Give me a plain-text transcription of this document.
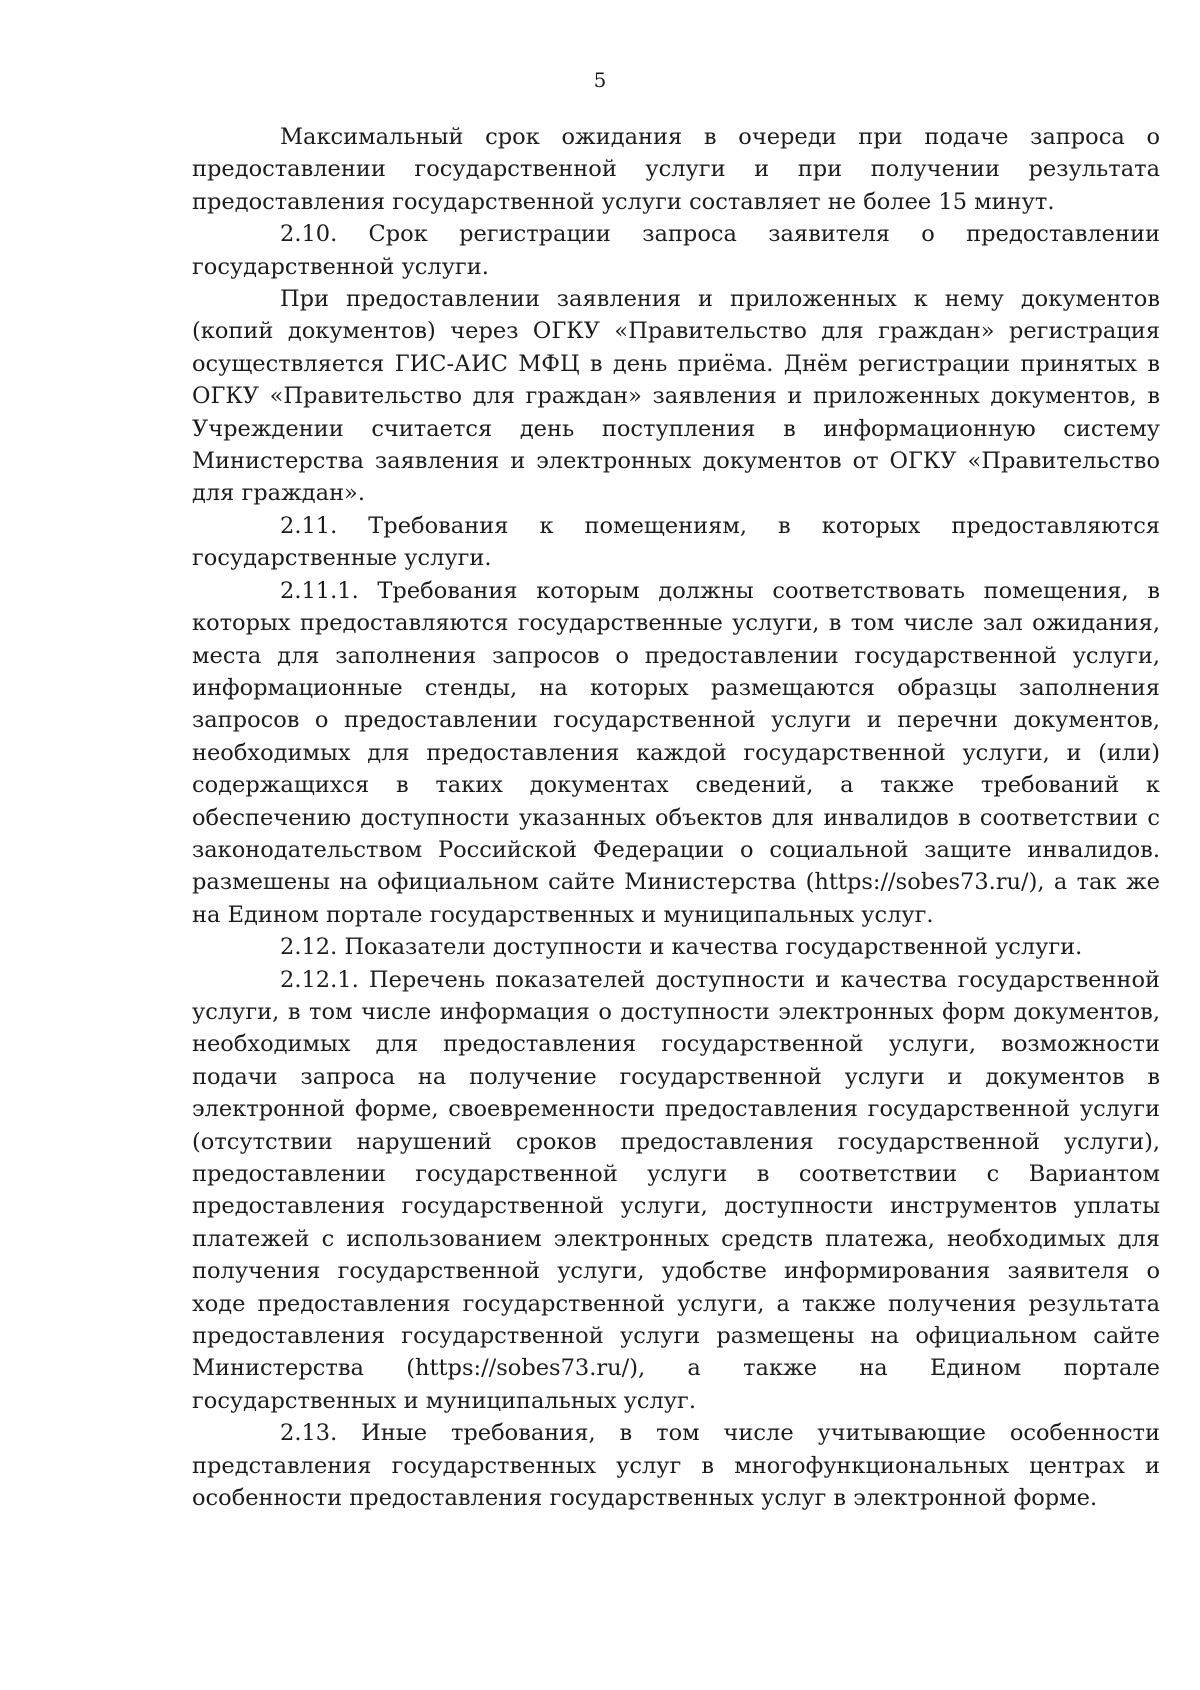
5

Максимальный срок ожидания в очереди при подаче запроса о предоставлении государственной услуги и при получении результата предоставления государственной услуги составляет не более 15 минут.

2.10. Срок регистрации запроса заявителя о предоставлении государственной услуги.

При предоставлении заявления и приложенных к нему документов (копий документов) через ОГКУ «Правительство для граждан» регистрация осуществляется ГИС-АИС МФЦ в день приёма. Днём регистрации принятых в ОГКУ «Правительство для граждан» заявления и приложенных документов, в Учреждении считается день поступления в информационную систему Министерства заявления и электронных документов от ОГКУ «Правительство для граждан».

2.11. Требования к помещениям, в которых предоставляются государственные услуги.

2.11.1. Требования которым должны соответствовать помещения, в которых предоставляются государственные услуги, в том числе зал ожидания, места для заполнения запросов о предоставлении государственной услуги, информационные стенды, на которых размещаются образцы заполнения запросов о предоставлении государственной услуги и перечни документов, необходимых для предоставления каждой государственной услуги, и (или) содержащихся в таких документах сведений, а также требований к обеспечению доступности указанных объектов для инвалидов в соответствии с законодательством Российской Федерации о социальной защите инвалидов. размешены на официальном сайте Министерства (https://sobes73.ru/), а так же на Едином портале государственных и муниципальных услуг.

2.12. Показатели доступности и качества государственной услуги.

2.12.1. Перечень показателей доступности и качества государственной услуги, в том числе информация о доступности электронных форм документов, необходимых для предоставления государственной услуги, возможности подачи запроса на получение государственной услуги и документов в электронной форме, своевременности предоставления государственной услуги (отсутствии нарушений сроков предоставления государственной услуги), предоставлении государственной услуги в соответствии с Вариантом предоставления государственной услуги, доступности инструментов уплаты платежей с использованием электронных средств платежа, необходимых для получения государственной услуги, удобстве информирования заявителя о ходе предоставления государственной услуги, а также получения результата предоставления государственной услуги размещены на официальном сайте Министерства (https://sobes73.ru/), а также на Едином портале государственных и муниципальных услуг.

2.13. Иные требования, в том числе учитывающие особенности представления государственных услуг в многофункциональных центрах и особенности предоставления государственных услуг в электронной форме.
